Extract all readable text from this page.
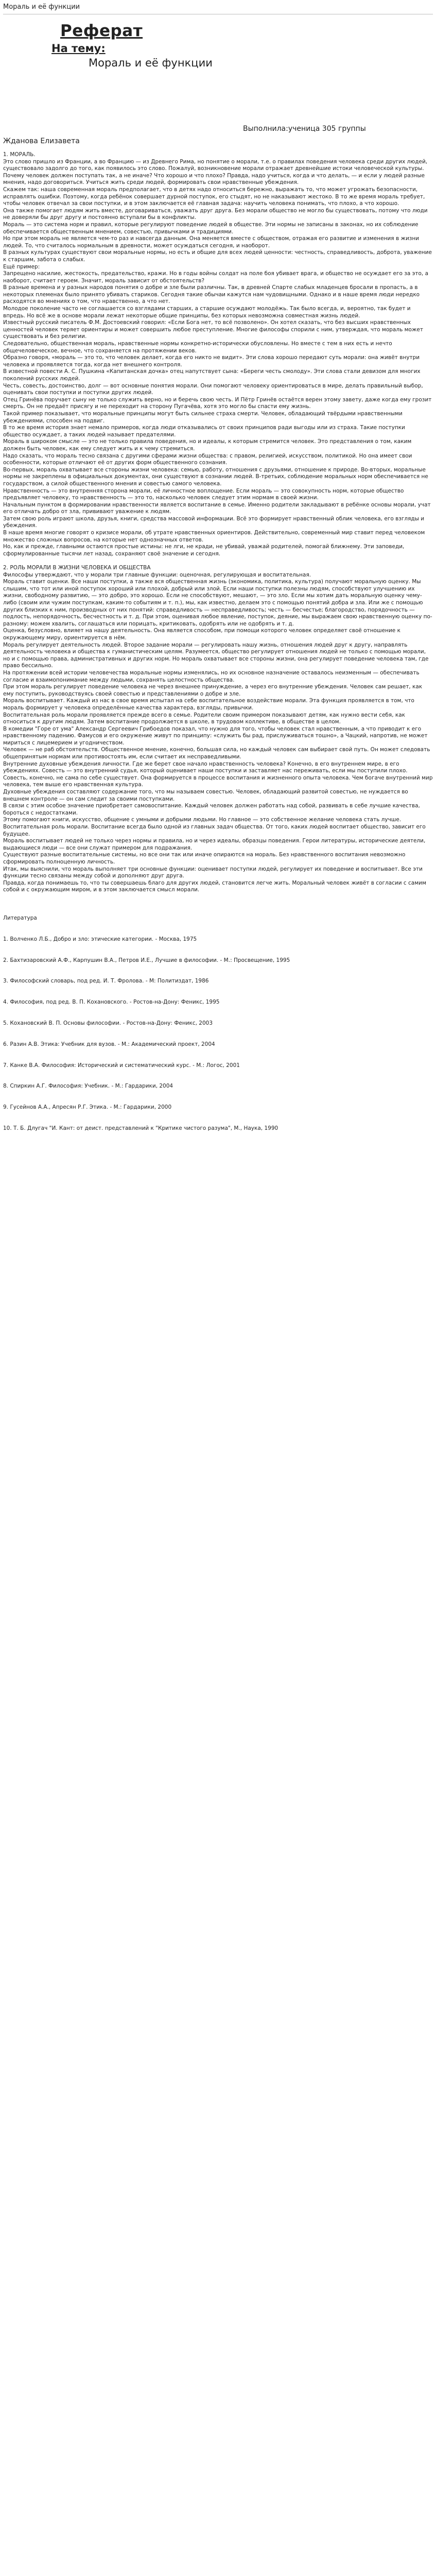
Мораль и её функции
Реферат
На тему:
Мораль и её функции
Выполнила:ученица 305 группы
Жданова Елизавета
1. МОРАЛЬ.
Это слово пришло из Франции, а во Францию — из Древнего Рима, но понятие о морали, т.е. о правилах поведения человека среди других людей, существовало задолго до того, как появилось это слово. Пожалуй, возникновение морали отражает древнейшие истоки человеческой культуры. Почему человек должен поступать так, а не иначе? Что хорошо и что плохо? Правда, надо учиться, когда и что делать, — и если у людей разные мнения, надо договориться. Учиться жить среди людей, формировать свои нравственные убеждения.
Скажем так: наша современная мораль предполагает, что в детях надо относиться бережно, выражать то, что может угрожать безопасности, исправлять ошибки. Поэтому, когда ребёнок совершает дурной поступок, его стыдят, но не наказывают жестоко. В то же время мораль требует, чтобы человек отвечал за свои поступки, и в этом заключается её главная задача: научить человека понимать, что плохо, а что хорошо.
Она также помогает людям жить вместе, договариваться, уважать друг друга. Без морали общество не могло бы существовать, потому что люди не доверяли бы друг другу и постоянно вступали бы в конфликты.
Мораль — это система норм и правил, которые регулируют поведение людей в обществе. Эти нормы не записаны в законах, но их соблюдение обеспечивается общественным мнением, совестью, привычками и традициями.
Но при этом мораль не является чем-то раз и навсегда данным. Она меняется вместе с обществом, отражая его развитие и изменения в жизни людей. То, что считалось нормальным в древности, может осуждаться сегодня, и наоборот.
В разных культурах существуют свои моральные нормы, но есть и общие для всех людей ценности: честность, справедливость, доброта, уважение к старшим, забота о слабых.
Ещё пример:
Запрещено насилие, жестокость, предательство, кражи. Но в годы войны солдат на поле боя убивает врага, и общество не осуждает его за это, а наоборот, считает героем. Значит, мораль зависит от обстоятельств?
В разные времена и у разных народов понятия о добре и зле были различны. Так, в древней Спарте слабых младенцев бросали в пропасть, а в некоторых племенах было принято убивать стариков. Сегодня такие обычаи кажутся нам чудовищными. Однако и в наше время люди нередко расходятся во мнениях о том, что нравственно, а что нет.
Молодое поколение часто не соглашается со взглядами старших, а старшие осуждают молодёжь. Так было всегда, и, вероятно, так будет и впредь. Но всё же в основе морали лежат некоторые общие принципы, без которых невозможна совместная жизнь людей.
Известный русский писатель Ф.М. Достоевский говорил: «Если Бога нет, то всё позволено». Он хотел сказать, что без высших нравственных ценностей человек теряет ориентиры и может совершить любое преступление. Многие философы спорили с ним, утверждая, что мораль может существовать и без религии.
Следовательно, общественная мораль, нравственные нормы конкретно-исторически обусловлены. Но вместе с тем в них есть и нечто общечеловеческое, вечное, что сохраняется на протяжении веков.
Образно говоря, «мораль — это то, что человек делает, когда его никто не видит». Эти слова хорошо передают суть морали: она живёт внутри человека и проявляется тогда, когда нет внешнего контроля.
В известной повести А. С. Пушкина «Капитанская дочка» отец напутствует сына: «Береги честь смолоду». Эти слова стали девизом для многих поколений русских людей.
Честь, совесть, достоинство, долг — вот основные понятия морали. Они помогают человеку ориентироваться в мире, делать правильный выбор, оценивать свои поступки и поступки других людей.
Отец Гринёва поручает сыну не только служить верно, но и беречь свою честь. И Пётр Гринёв остаётся верен этому завету, даже когда ему грозит смерть. Он не предаёт присягу и не переходит на сторону Пугачёва, хотя это могло бы спасти ему жизнь.
Такой пример показывает, что моральные принципы могут быть сильнее страха смерти. Человек, обладающий твёрдыми нравственными убеждениями, способен на подвиг.
В то же время история знает немало примеров, когда люди отказывались от своих принципов ради выгоды или из страха. Такие поступки общество осуждает, а таких людей называет предателями.
Мораль в широком смысле — это не только правила поведения, но и идеалы, к которым стремится человек. Это представления о том, каким должен быть человек, как ему следует жить и к чему стремиться.
Надо сказать, что мораль тесно связана с другими сферами жизни общества: с правом, религией, искусством, политикой. Но она имеет свои особенности, которые отличают её от других форм общественного сознания.
Во-первых, мораль охватывает все стороны жизни человека: семью, работу, отношения с друзьями, отношение к природе. Во-вторых, моральные нормы не закреплены в официальных документах, они существуют в сознании людей. В-третьих, соблюдение моральных норм обеспечивается не государством, а силой общественного мнения и совестью самого человека.
Нравственность — это внутренняя сторона морали, её личностное воплощение. Если мораль — это совокупность норм, которые общество предъявляет человеку, то нравственность — это то, насколько человек следует этим нормам в своей жизни.
Начальным пунктом в формировании нравственности является воспитание в семье. Именно родители закладывают в ребёнке основы морали, учат его отличать добро от зла, прививают уважение к людям.
Затем свою роль играют школа, друзья, книги, средства массовой информации. Всё это формирует нравственный облик человека, его взгляды и убеждения.
В наше время многие говорят о кризисе морали, об утрате нравственных ориентиров. Действительно, современный мир ставит перед человеком множество сложных вопросов, на которые нет однозначных ответов.
Но, как и прежде, главными остаются простые истины: не лги, не кради, не убивай, уважай родителей, помогай ближнему. Эти заповеди, сформулированные тысячи лет назад, сохраняют своё значение и сегодня.

2. РОЛЬ МОРАЛИ В ЖИЗНИ ЧЕЛОВЕКА И ОБЩЕСТВА
Философы утверждают, что у морали три главные функции: оценочная, регулирующая и воспитательная.
Мораль ставит оценки. Все наши поступки, а также вся общественная жизнь (экономика, политика, культура) получают моральную оценку. Мы слышим, что тот или иной поступок хороший или плохой, добрый или злой. Если наши поступки полезны людям, способствуют улучшению их жизни, свободному развитию, — это добро, это хорошо. Если не способствуют, мешают, — это зло. Если мы хотим дать моральную оценку чему-либо (своим или чужим поступкам, каким-то событиям и т. п.), мы, как известно, делаем это с помощью понятий добра и зла. Или же с помощью других близких к ним, производных от них понятий: справедливость — несправедливость; честь — бесчестье; благородство, порядочность — подлость, непорядочность, бесчестность и т. д. При этом, оценивая любое явление, поступок, деяние, мы выражаем свою нравственную оценку по-разному: можем хвалить, соглашаться или порицать, критиковать, одобрять или не одобрять и т. д.
Оценка, безусловно, влияет на нашу деятельность. Она является способом, при помощи которого человек определяет своё отношение к окружающему миру, ориентируется в нём.
Мораль регулирует деятельность людей. Второе задание морали — регулировать нашу жизнь, отношения людей друг к другу, направлять деятельность человека и общества к гуманистическим целям. Разумеется, общество регулирует отношения людей не только с помощью морали, но и с помощью права, административных и других норм. Но мораль охватывает все стороны жизни, она регулирует поведение человека там, где право бессильно.
На протяжении всей истории человечества моральные нормы изменялись, но их основное назначение оставалось неизменным — обеспечивать согласие и взаимопонимание между людьми, сохранять целостность общества.
При этом мораль регулирует поведение человека не через внешнее принуждение, а через его внутренние убеждения. Человек сам решает, как ему поступить, руководствуясь своей совестью и представлениями о добре и зле.
Мораль воспитывает. Каждый из нас в свое время испытал на себе воспитательное воздействие морали. Эта функция проявляется в том, что мораль формирует у человека определённые качества характера, взгляды, привычки.
Воспитательная роль морали проявляется прежде всего в семье. Родители своим примером показывают детям, как нужно вести себя, как относиться к другим людям. Затем воспитание продолжается в школе, в трудовом коллективе, в обществе в целом.
В комедии "Горе от ума" Александр Сергеевич Грибоедов показал, что нужно для того, чтобы человек стал нравственным, а что приводит к его нравственному падению. Фамусов и его окружение живут по принципу: «служить бы рад, прислуживаться тошно», а Чацкий, напротив, не может мириться с лицемерием и угодничеством.
Человек — не раб обстоятельств. Общественное мнение, конечно, большая сила, но каждый человек сам выбирает свой путь. Он может следовать общепринятым нормам или противостоять им, если считает их несправедливыми.
Внутренние духовные убеждения личности. Где же берет свое начало нравственность человека? Конечно, в его внутреннем мире, в его убеждениях. Совесть — это внутренний судья, который оценивает наши поступки и заставляет нас переживать, если мы поступили плохо.
Совесть, конечно, не сама по себе существует. Она формируется в процессе воспитания и жизненного опыта человека. Чем богаче внутренний мир человека, тем выше его нравственная культура.
Духовные убеждения составляют содержание того, что мы называем совестью. Человек, обладающий развитой совестью, не нуждается во внешнем контроле — он сам следит за своими поступками.
В связи с этим особое значение приобретает самовоспитание. Каждый человек должен работать над собой, развивать в себе лучшие качества, бороться с недостатками.
Этому помогают книги, искусство, общение с умными и добрыми людьми. Но главное — это собственное желание человека стать лучше.
Воспитательная роль морали. Воспитание всегда было одной из главных задач общества. От того, каких людей воспитает общество, зависит его будущее.
Мораль воспитывает людей не только через нормы и правила, но и через идеалы, образцы поведения. Герои литературы, исторические деятели, выдающиеся люди — все они служат примером для подражания.
Существуют разные воспитательные системы, но все они так или иначе опираются на мораль. Без нравственного воспитания невозможно сформировать полноценную личность.
Итак, мы выяснили, что мораль выполняет три основные функции: оценивает поступки людей, регулирует их поведение и воспитывает. Все эти функции тесно связаны между собой и дополняют друг друга.
Правда, когда понимаешь то, что ты совершаешь благо для других людей, становится легче жить. Моральный человек живёт в согласии с самим собой и с окружающим миром, и в этом заключается смысл морали.

Литература

1. Волченко Л.Б., Добро и зло: этические категории. - Москва, 1975

2. Бахтизаровский А.Ф., Карпушин В.А., Петров И.Е., Лучшие в философии. - М.: Просвещение, 1995

3. Философский словарь, под ред. И. Т. Фролова. - М: Политиздат, 1986

4. Философия, под ред. В. П. Кохановского. - Ростов-на-Дону: Феникс, 1995

5. Кохановский В. П. Основы философии. - Ростов-на-Дону: Феникс, 2003

6. Разин А.В. Этика: Учебник для вузов. - М.: Академический проект, 2004

7. Канке В.А. Философия: Исторический и систематический курс. - М.: Логос, 2001

8. Спиркин А.Г. Философия: Учебник. - М.: Гардарики, 2004

9. Гусейнов А.А., Апресян Р.Г. Этика. - М.: Гардарики, 2000

10. Т. Б. Длугач "И. Кант: от деист. представлений к "Критике чистого разума", М., Наука, 1990
